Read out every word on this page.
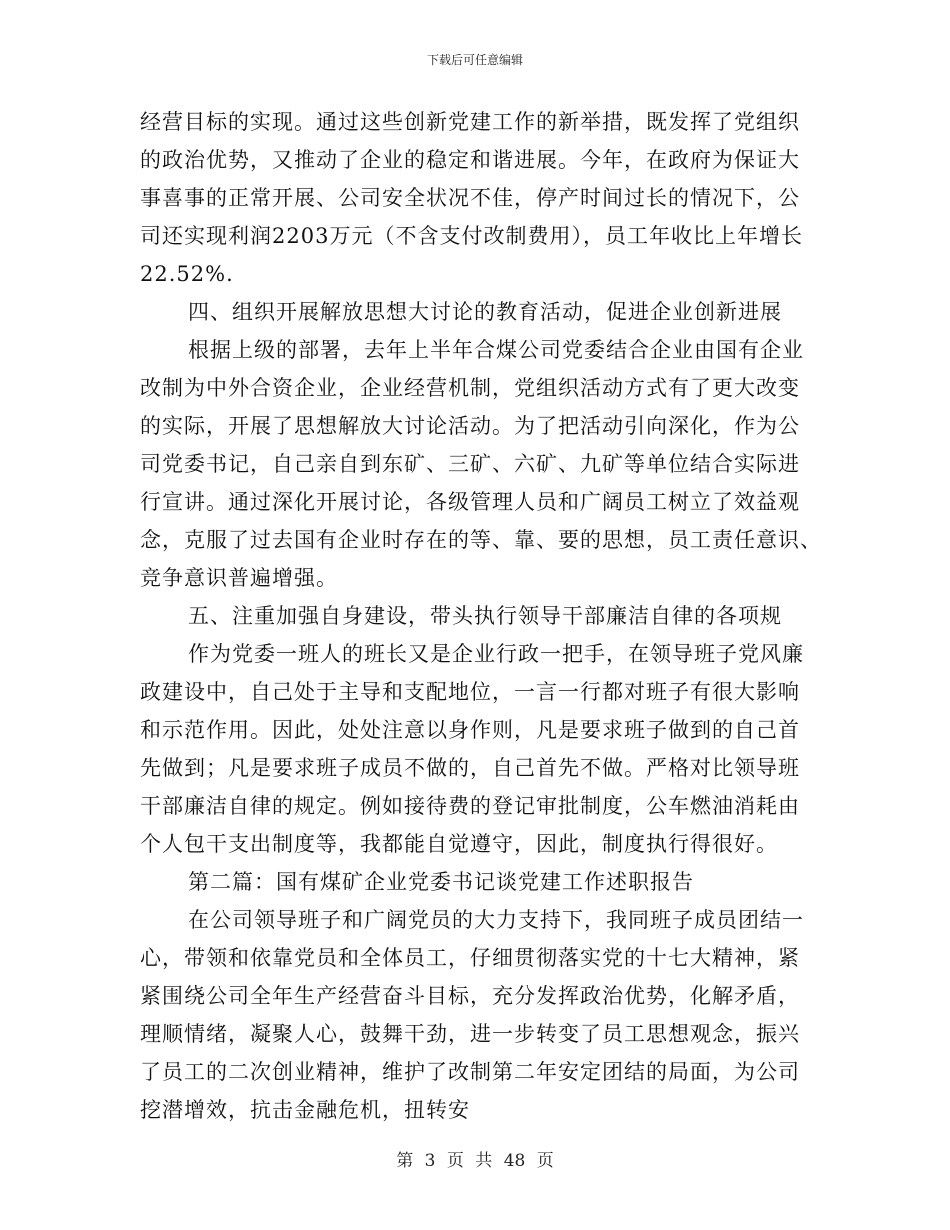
下载后可任意编辑
经营目标的实现。通过这些创新党建工作的新举措，既发挥了党组织
的政治优势，又推动了企业的稳定和谐进展。今年，在政府为保证大
事喜事的正常开展、公司安全状况不佳，停产时间过长的情况下，公
司还实现利润2203万元（不含支付改制费用），员工年收比上年增长
22.52%.
四、组织开展解放思想大讨论的教育活动，促进企业创新进展
根据上级的部署，去年上半年合煤公司党委结合企业由国有企业
改制为中外合资企业，企业经营机制，党组织活动方式有了更大改变
的实际，开展了思想解放大讨论活动。为了把活动引向深化，作为公
司党委书记，自己亲自到东矿、三矿、六矿、九矿等单位结合实际进
行宣讲。通过深化开展讨论，各级管理人员和广阔员工树立了效益观
念，克服了过去国有企业时存在的等、靠、要的思想，员工责任意识、
竞争意识普遍增强。
五、注重加强自身建设，带头执行领导干部廉洁自律的各项规
作为党委一班人的班长又是企业行政一把手，在领导班子党风廉
政建设中，自己处于主导和支配地位，一言一行都对班子有很大影响
和示范作用。因此，处处注意以身作则，凡是要求班子做到的自己首
先做到；凡是要求班子成员不做的，自己首先不做。严格对比领导班
干部廉洁自律的规定。例如接待费的登记审批制度，公车燃油消耗由
个人包干支出制度等，我都能自觉遵守，因此，制度执行得很好。
第二篇：国有煤矿企业党委书记谈党建工作述职报告
在公司领导班子和广阔党员的大力支持下，我同班子成员团结一
心，带领和依靠党员和全体员工，仔细贯彻落实党的十七大精神，紧
紧围绕公司全年生产经营奋斗目标，充分发挥政治优势，化解矛盾，
理顺情绪，凝聚人心，鼓舞干劲，进一步转变了员工思想观念，振兴
了员工的二次创业精神，维护了改制第二年安定团结的局面，为公司
挖潜增效，抗击金融危机，扭转安
第 3 页 共 48 页
